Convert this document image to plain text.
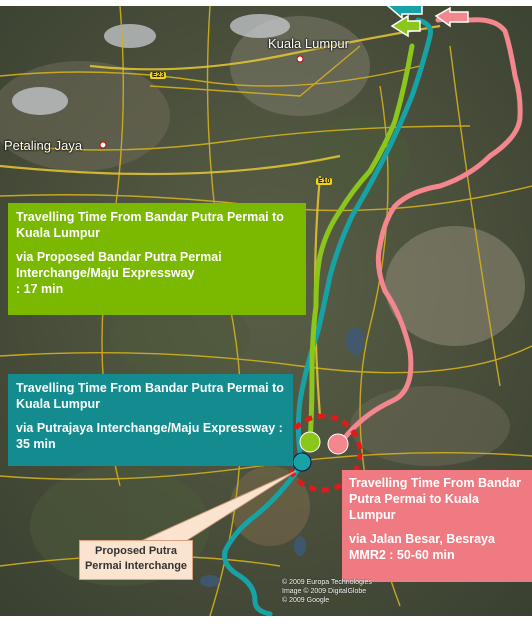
Kuala Lumpur
Petaling Jaya
E23
E10

Travelling Time From Bandar Putra Permai to Kuala Lumpur

via Proposed Bandar Putra Permai Interchange/Maju Expressway

: 17 min

Travelling Time From Bandar Putra Permai to Kuala Lumpur

via Putrajaya Interchange/Maju Expressway : 35 min

Travelling Time From Bandar Putra Permai to Kuala Lumpur

via Jalan Besar, Besraya MMR2 : 50-60 min

Proposed Putra Permai Interchange
© 2009 Europa Technologies
Image © 2009 DigitalGlobe
© 2009 Google
